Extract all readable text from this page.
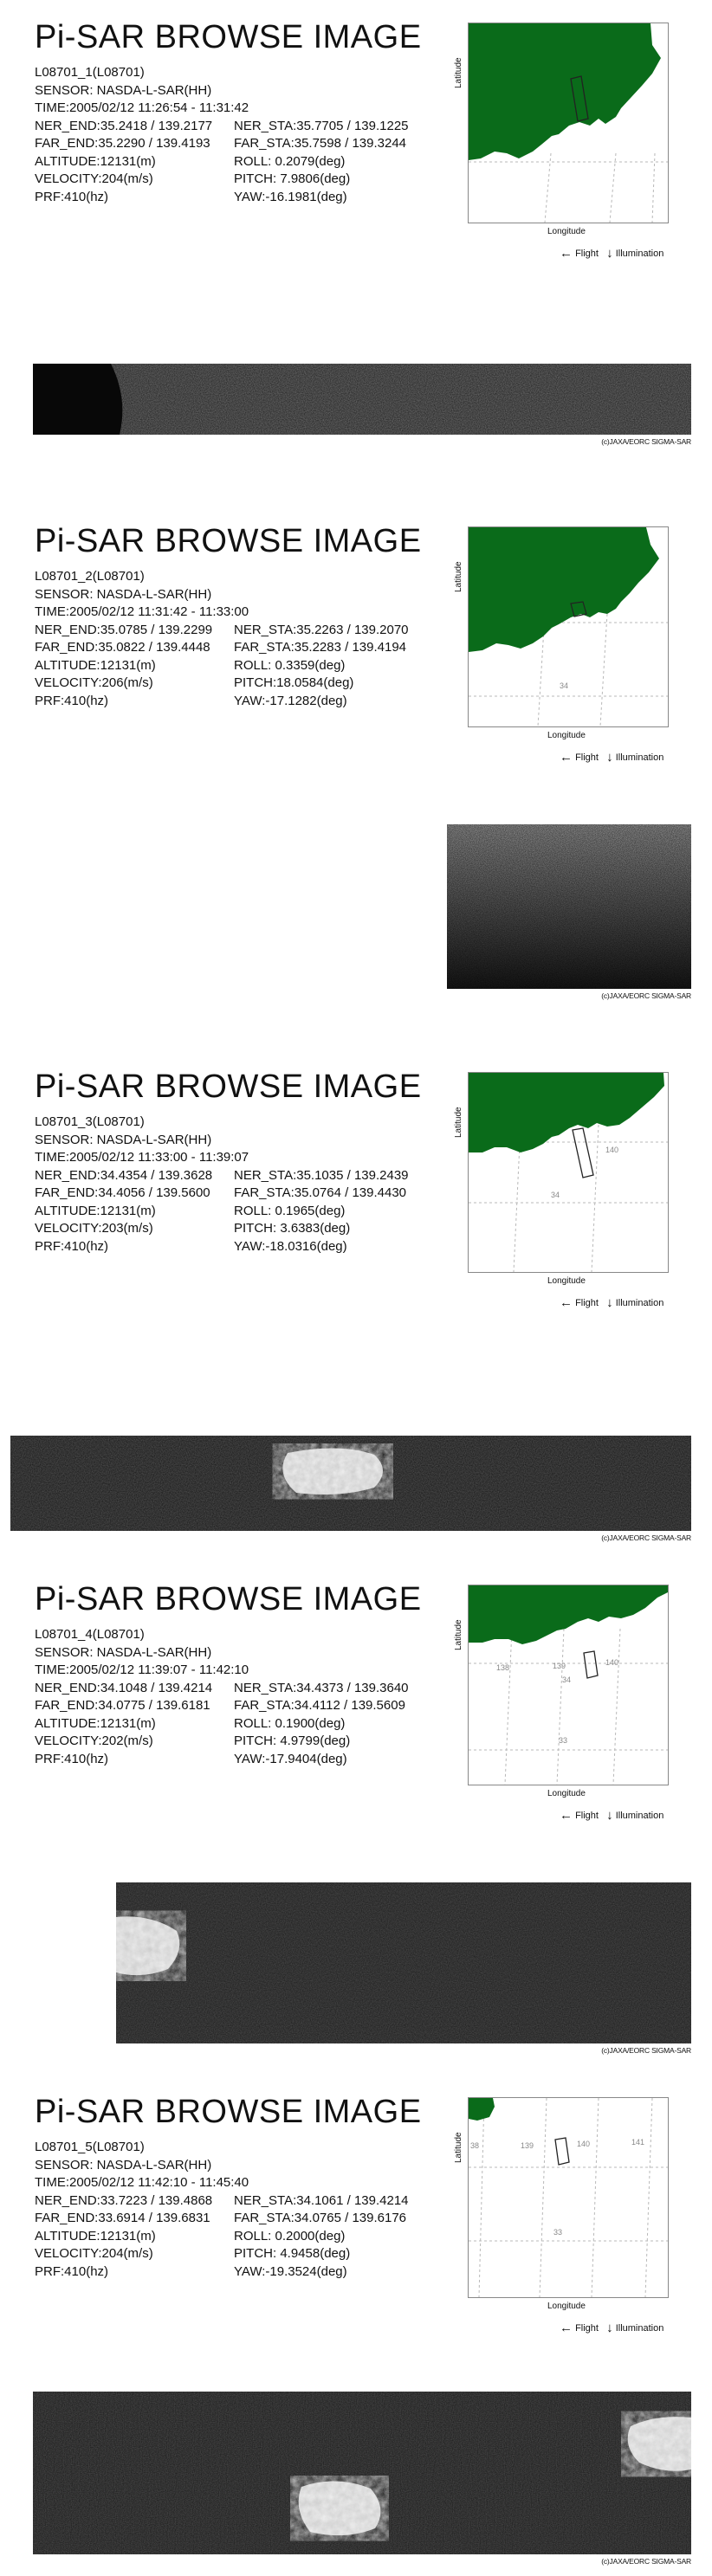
Pi-SAR BROWSE IMAGE
L08701_1(L08701)
SENSOR: NASDA-L-SAR(HH)
TIME:2005/02/12 11:26:54 - 11:31:42
NER_END:35.2418 / 139.2177	NER_STA:35.7705 / 139.1225
FAR_END:35.2290 / 139.4193	FAR_STA:35.7598 / 139.3244
ALTITUDE:12131(m)	ROLL: 0.2079(deg)
VELOCITY:204(m/s)	PITCH: 7.9806(deg)
PRF:410(hz)	YAW:-16.1981(deg)
Latitude
Longitude
← Flight ↓ Illumination
(c)JAXA/EORC SIGMA-SAR
Pi-SAR BROWSE IMAGE
L08701_2(L08701)
SENSOR: NASDA-L-SAR(HH)
TIME:2005/02/12 11:31:42 - 11:33:00
NER_END:35.0785 / 139.2299	NER_STA:35.2263 / 139.2070
FAR_END:35.0822 / 139.4448	FAR_STA:35.2283 / 139.4194
ALTITUDE:12131(m)	ROLL: 0.3359(deg)
VELOCITY:206(m/s)	PITCH:18.0584(deg)
PRF:410(hz)	YAW:-17.1282(deg)
34
Latitude
Longitude
← Flight ↓ Illumination
(c)JAXA/EORC SIGMA-SAR
Pi-SAR BROWSE IMAGE
L08701_3(L08701)
SENSOR: NASDA-L-SAR(HH)
TIME:2005/02/12 11:33:00 - 11:39:07
NER_END:34.4354 / 139.3628	NER_STA:35.1035 / 139.2439
FAR_END:34.4056 / 139.5600	FAR_STA:35.0764 / 139.4430
ALTITUDE:12131(m)	ROLL: 0.1965(deg)
VELOCITY:203(m/s)	PITCH: 3.6383(deg)
PRF:410(hz)	YAW:-18.0316(deg)
140
34
Latitude
Longitude
← Flight ↓ Illumination
(c)JAXA/EORC SIGMA-SAR
Pi-SAR BROWSE IMAGE
L08701_4(L08701)
SENSOR: NASDA-L-SAR(HH)
TIME:2005/02/12 11:39:07 - 11:42:10
NER_END:34.1048 / 139.4214	NER_STA:34.4373 / 139.3640
FAR_END:34.0775 / 139.6181	FAR_STA:34.4112 / 139.5609
ALTITUDE:12131(m)	ROLL: 0.1900(deg)
VELOCITY:202(m/s)	PITCH: 4.9799(deg)
PRF:410(hz)	YAW:-17.9404(deg)
138	139	140
34
33
Latitude
Longitude
← Flight ↓ Illumination
(c)JAXA/EORC SIGMA-SAR
Pi-SAR BROWSE IMAGE
L08701_5(L08701)
SENSOR: NASDA-L-SAR(HH)
TIME:2005/02/12 11:42:10 - 11:45:40
NER_END:33.7223 / 139.4868	NER_STA:34.1061 / 139.4214
FAR_END:33.6914 / 139.6831	FAR_STA:34.0765 / 139.6176
ALTITUDE:12131(m)	ROLL: 0.2000(deg)
VELOCITY:204(m/s)	PITCH: 4.9458(deg)
PRF:410(hz)	YAW:-19.3524(deg)
38	139	140	141
33
Latitude
Longitude
← Flight ↓ Illumination
(c)JAXA/EORC SIGMA-SAR
